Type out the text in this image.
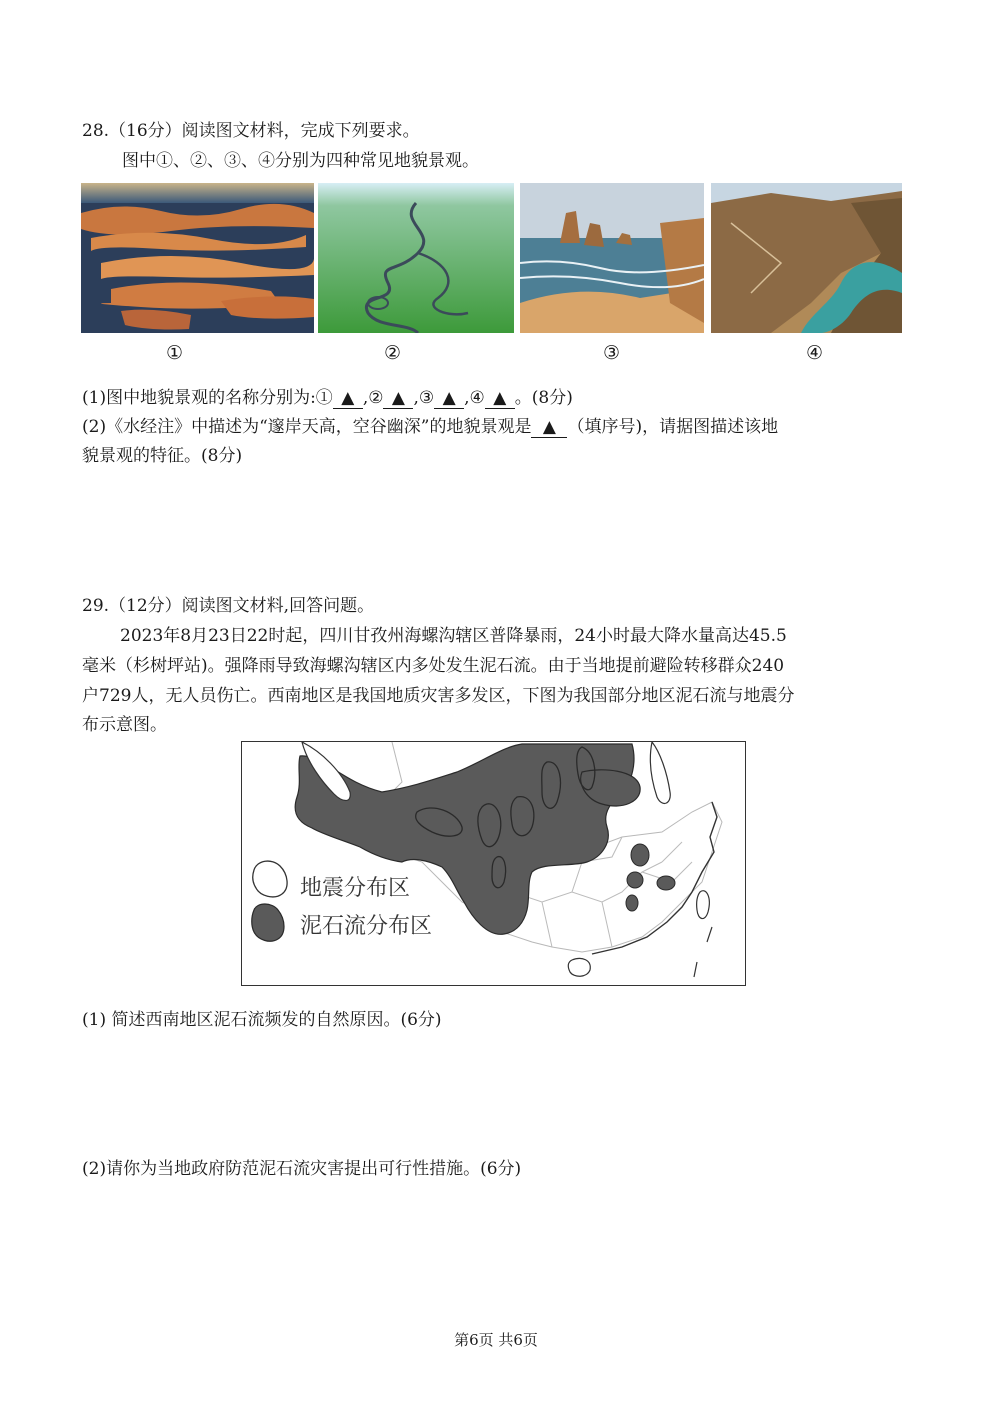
28.（16分）阅读图文材料，完成下列要求。
图中①、②、③、④分别为四种常见地貌景观。
①	②	③	④
(1)图中地貌景观的名称分别为:① ▲ ,② ▲ ,③ ▲ ,④ ▲ 。(8分)
(2)《水经注》中描述为“邃岸天高，空谷幽深”的地貌景观是 ▲ （填序号)，请据图描述该地
貌景观的特征。(8分)
29.（12分）阅读图文材料,回答问题。
2023年8月23日22时起，四川甘孜州海螺沟辖区普降暴雨，24小时最大降水量高达45.5
毫米（杉树坪站)。强降雨导致海螺沟辖区内多处发生泥石流。由于当地提前避险转移群众240
户729人，无人员伤亡。西南地区是我国地质灾害多发区，下图为我国部分地区泥石流与地震分
布示意图。
地震分布区
泥石流分布区
(1) 简述西南地区泥石流频发的自然原因。(6分)
(2)请你为当地政府防范泥石流灾害提出可行性措施。(6分)
第6页 共6页
